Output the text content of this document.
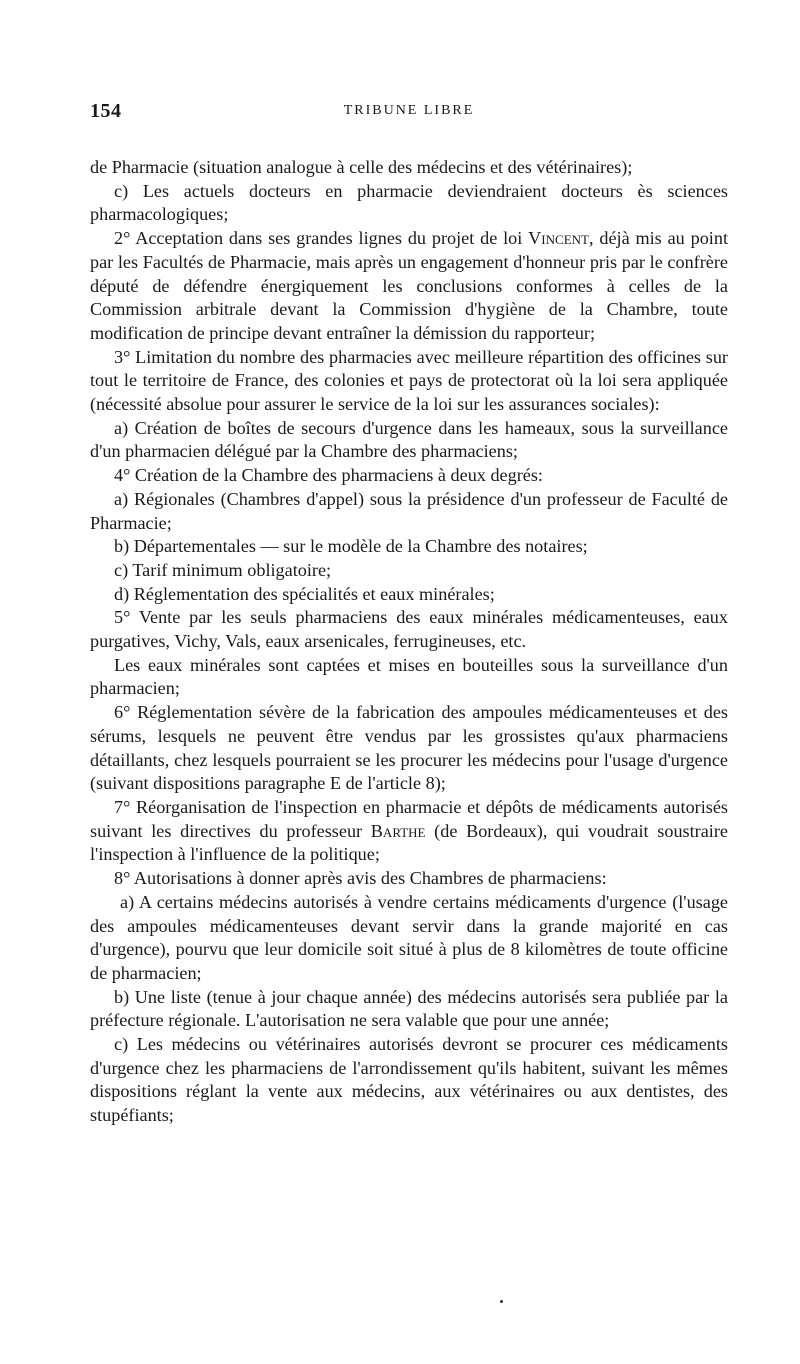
154	TRIBUNE LIBRE

de Pharmacie (situation analogue à celle des médecins et des vétérinaires);

c) Les actuels docteurs en pharmacie deviendraient docteurs ès sciences pharmacologiques;

2° Acceptation dans ses grandes lignes du projet de loi Vincent, déjà mis au point par les Facultés de Pharmacie, mais après un engagement d'honneur pris par le confrère député de défendre énergiquement les conclusions conformes à celles de la Commission arbitrale devant la Commission d'hygiène de la Chambre, toute modification de principe devant entraîner la démission du rapporteur;

3° Limitation du nombre des pharmacies avec meilleure répartition des officines sur tout le territoire de France, des colonies et pays de protectorat où la loi sera appliquée (nécessité absolue pour assurer le service de la loi sur les assurances sociales):

a) Création de boîtes de secours d'urgence dans les hameaux, sous la surveillance d'un pharmacien délégué par la Chambre des pharmaciens;

4° Création de la Chambre des pharmaciens à deux degrés:

a) Régionales (Chambres d'appel) sous la présidence d'un professeur de Faculté de Pharmacie;

b) Départementales — sur le modèle de la Chambre des notaires;

c) Tarif minimum obligatoire;

d) Réglementation des spécialités et eaux minérales;

5° Vente par les seuls pharmaciens des eaux minérales médicamenteuses, eaux purgatives, Vichy, Vals, eaux arsenicales, ferrugineuses, etc.

Les eaux minérales sont captées et mises en bouteilles sous la surveillance d'un pharmacien;

6° Réglementation sévère de la fabrication des ampoules médicamenteuses et des sérums, lesquels ne peuvent être vendus par les grossistes qu'aux pharmaciens détaillants, chez lesquels pourraient se les procurer les médecins pour l'usage d'urgence (suivant dispositions paragraphe E de l'article 8);

7° Réorganisation de l'inspection en pharmacie et dépôts de médicaments autorisés suivant les directives du professeur Barthe (de Bordeaux), qui voudrait soustraire l'inspection à l'influence de la politique;

8° Autorisations à donner après avis des Chambres de pharmaciens:

a) A certains médecins autorisés à vendre certains médicaments d'urgence (l'usage des ampoules médicamenteuses devant servir dans la grande majorité en cas d'urgence), pourvu que leur domicile soit situé à plus de 8 kilomètres de toute officine de pharmacien;

b) Une liste (tenue à jour chaque année) des médecins autorisés sera publiée par la préfecture régionale. L'autorisation ne sera valable que pour une année;

c) Les médecins ou vétérinaires autorisés devront se procurer ces médicaments d'urgence chez les pharmaciens de l'arrondissement qu'ils habitent, suivant les mêmes dispositions réglant la vente aux médecins, aux vétérinaires ou aux dentistes, des stupéfiants;
